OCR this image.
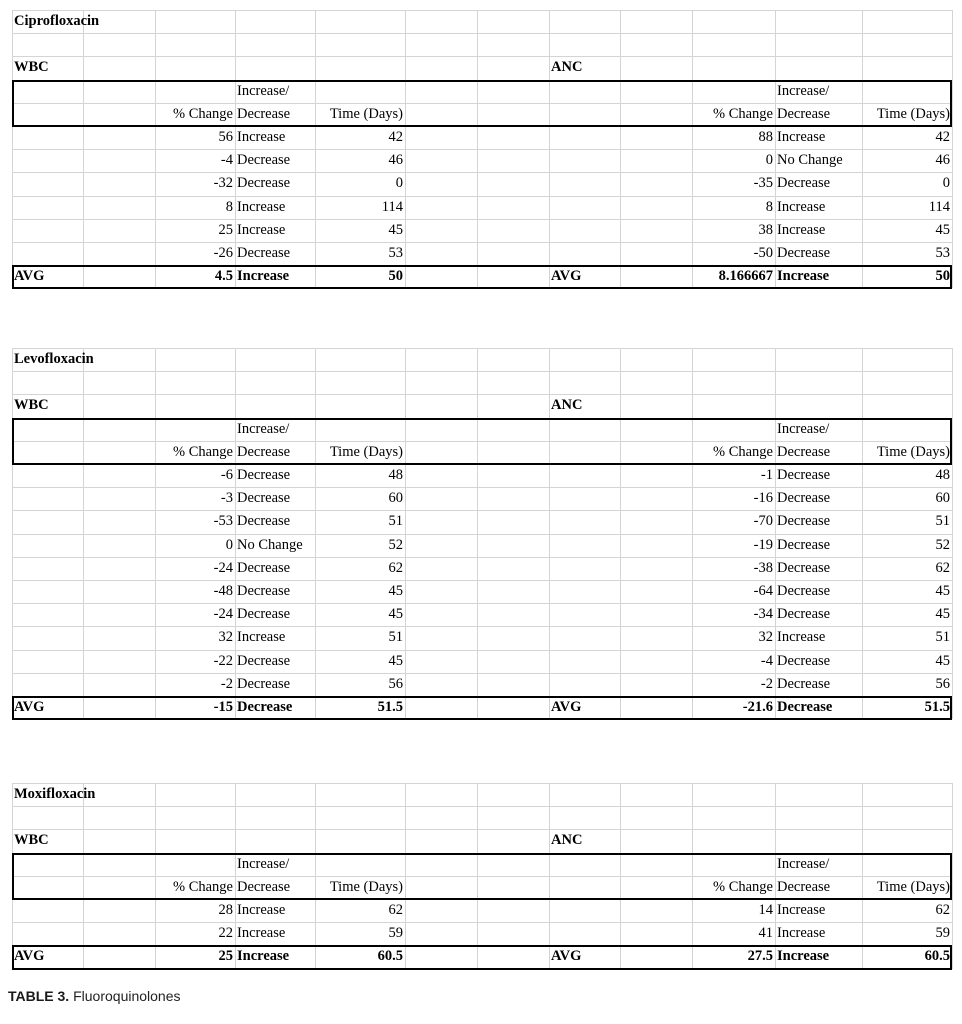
Ciprofloxacin
WBC	ANC
Increase/	Increase/
% Change Decrease	Time (Days)	% Change Decrease	Time (Days)
56 Increase	42	88 Increase	42
-4 Decrease	46	0 No Change	46
-32 Decrease	0	-35 Decrease	0
8 Increase	114	8 Increase	114
25 Increase	45	38 Increase	45
-26 Decrease	53	-50 Decrease	53
AVG	4.5 Increase	50	AVG	8.166667 Increase	50
Levofloxacin
WBC	ANC
Increase/	Increase/
% Change Decrease	Time (Days)	% Change Decrease	Time (Days)
-6 Decrease	48	-1 Decrease	48
-3 Decrease	60	-16 Decrease	60
-53 Decrease	51	-70 Decrease	51
0 No Change	52	-19 Decrease	52
-24 Decrease	62	-38 Decrease	62
-48 Decrease	45	-64 Decrease	45
-24 Decrease	45	-34 Decrease	45
32 Increase	51	32 Increase	51
-22 Decrease	45	-4 Decrease	45
-2 Decrease	56	-2 Decrease	56
AVG	-15 Decrease	51.5	AVG	-21.6 Decrease	51.5
Moxifloxacin
WBC	ANC
Increase/	Increase/
% Change Decrease	Time (Days)	% Change Decrease	Time (Days)
28 Increase	62	14 Increase	62
22 Increase	59	41 Increase	59
AVG	25 Increase	60.5	AVG	27.5 Increase	60.5
TABLE 3. Fluoroquinolones
